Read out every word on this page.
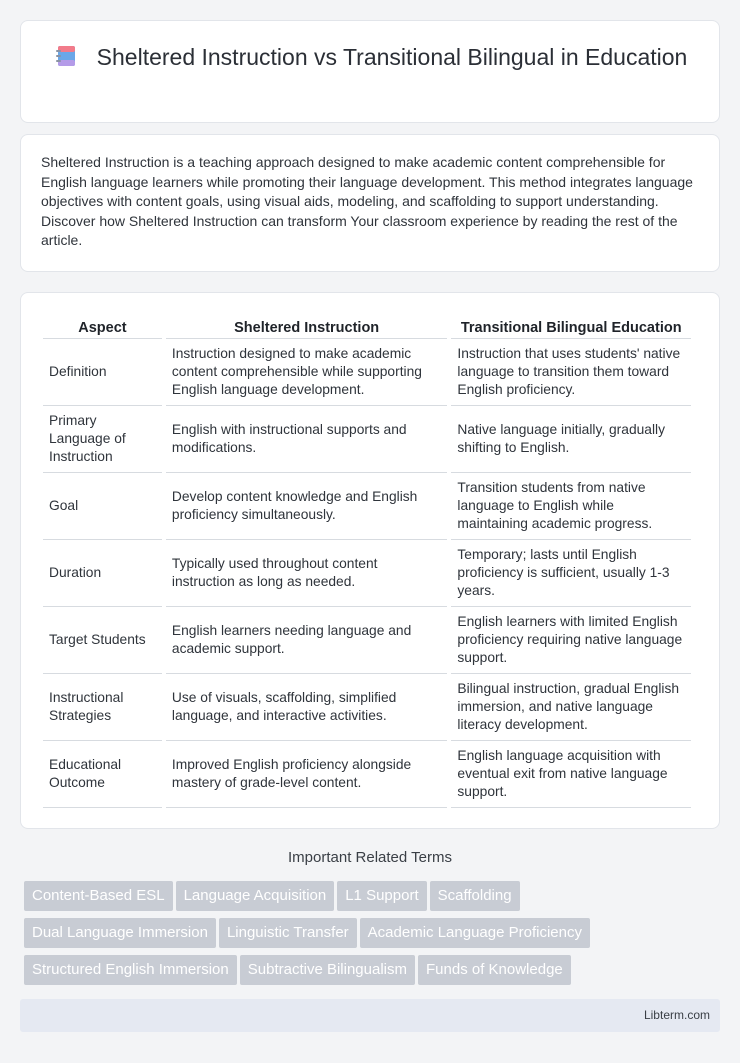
Sheltered Instruction vs Transitional Bilingual in Education

Sheltered Instruction is a teaching approach designed to make academic content comprehensible for English language learners while promoting their language development. This method integrates language objectives with content goals, using visual aids, modeling, and scaffolding to support understanding. Discover how Sheltered Instruction can transform Your classroom experience by reading the rest of the article.

Aspect	Sheltered Instruction	Transitional Bilingual Education
Definition	Instruction designed to make academic content comprehensible while supporting English language development.	Instruction that uses students' native language to transition them toward English proficiency.
Primary Language of Instruction	English with instructional supports and modifications.	Native language initially, gradually shifting to English.
Goal	Develop content knowledge and English proficiency simultaneously.	Transition students from native language to English while maintaining academic progress.
Duration	Typically used throughout content instruction as long as needed.	Temporary; lasts until English proficiency is sufficient, usually 1-3 years.
Target Students	English learners needing language and academic support.	English learners with limited English proficiency requiring native language support.
Instructional Strategies	Use of visuals, scaffolding, simplified language, and interactive activities.	Bilingual instruction, gradual English immersion, and native language literacy development.
Educational Outcome	Improved English proficiency alongside mastery of grade-level content.	English language acquisition with eventual exit from native language support.
Important Related Terms
Content-Based ESL Language Acquisition L1 Support Scaffolding
Dual Language Immersion Linguistic Transfer Academic Language Proficiency
Structured English Immersion Subtractive Bilingualism Funds of Knowledge
Libterm.com
